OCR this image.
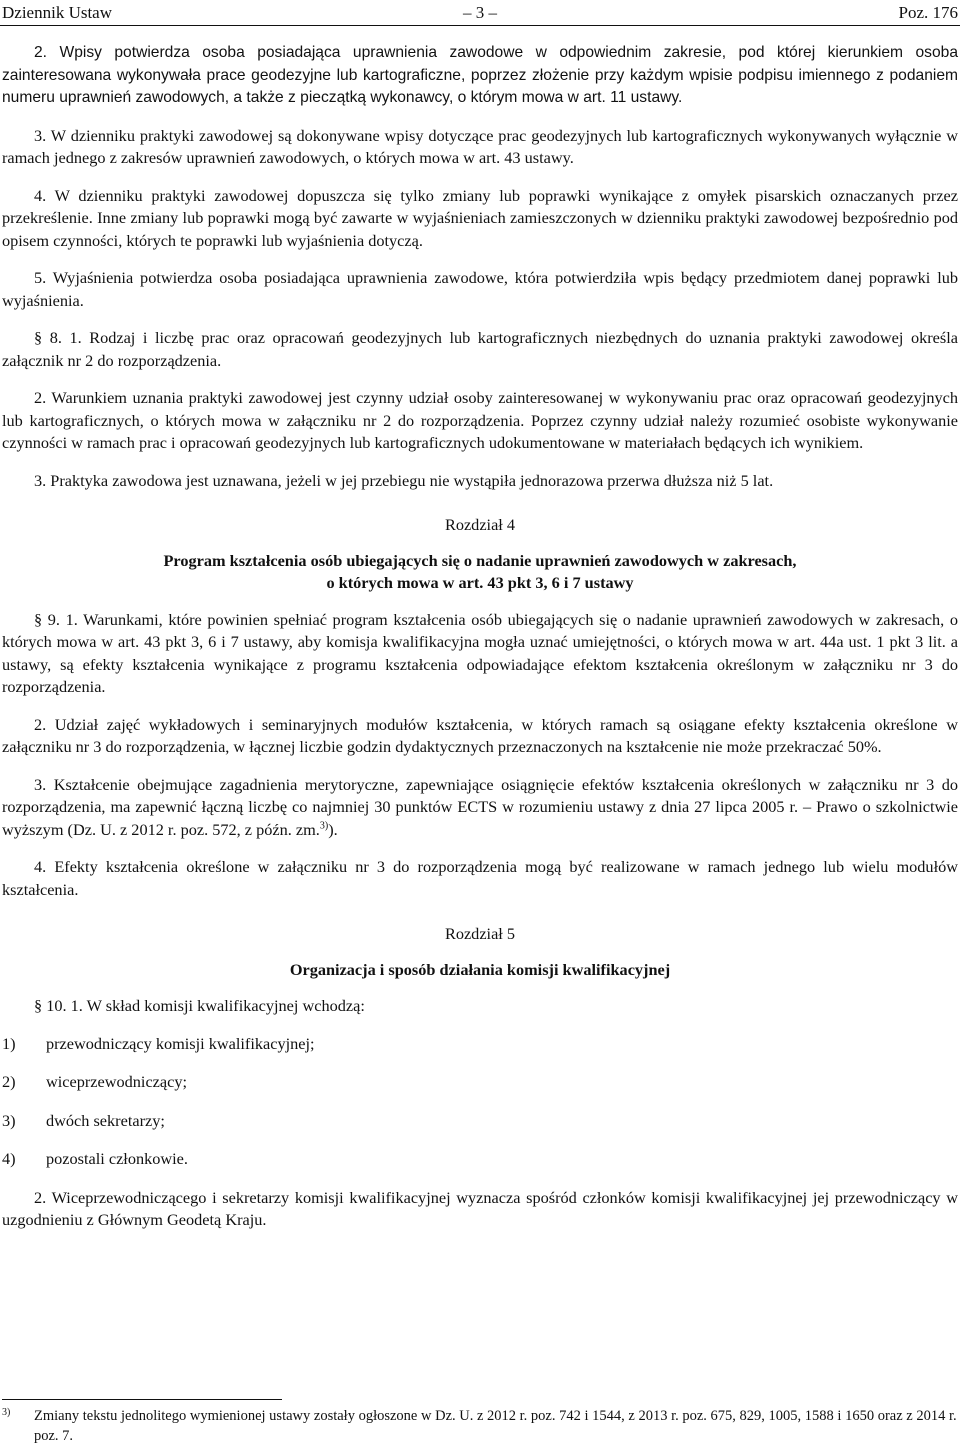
Dziennik Ustaw	– 3 –	Poz. 176

2. Wpisy potwierdza osoba posiadająca uprawnienia zawodowe w odpowiednim zakresie, pod której kierunkiem osoba zainteresowana wykonywała prace geodezyjne lub kartograficzne, poprzez złożenie przy każdym wpisie podpisu imiennego z podaniem numeru uprawnień zawodowych, a także z pieczątką wykonawcy, o którym mowa w art. 11 ustawy.

3. W dzienniku praktyki zawodowej są dokonywane wpisy dotyczące prac geodezyjnych lub kartograficznych wykonywanych wyłącznie w ramach jednego z zakresów uprawnień zawodowych, o których mowa w art. 43 ustawy.

4. W dzienniku praktyki zawodowej dopuszcza się tylko zmiany lub poprawki wynikające z omyłek pisarskich oznaczanych przez przekreślenie. Inne zmiany lub poprawki mogą być zawarte w wyjaśnieniach zamieszczonych w dzienniku praktyki zawodowej bezpośrednio pod opisem czynności, których te poprawki lub wyjaśnienia dotyczą.

5. Wyjaśnienia potwierdza osoba posiadająca uprawnienia zawodowe, która potwierdziła wpis będący przedmiotem danej poprawki lub wyjaśnienia.

§ 8. 1. Rodzaj i liczbę prac oraz opracowań geodezyjnych lub kartograficznych niezbędnych do uznania praktyki zawodowej określa załącznik nr 2 do rozporządzenia.

2. Warunkiem uznania praktyki zawodowej jest czynny udział osoby zainteresowanej w wykonywaniu prac oraz opracowań geodezyjnych lub kartograficznych, o których mowa w załączniku nr 2 do rozporządzenia. Poprzez czynny udział należy rozumieć osobiste wykonywanie czynności w ramach prac i opracowań geodezyjnych lub kartograficznych udokumentowane w materiałach będących ich wynikiem.

3. Praktyka zawodowa jest uznawana, jeżeli w jej przebiegu nie wystąpiła jednorazowa przerwa dłuższa niż 5 lat.

Rozdział 4
Program kształcenia osób ubiegających się o nadanie uprawnień zawodowych w zakresach,
o których mowa w art. 43 pkt 3, 6 i 7 ustawy

§ 9. 1. Warunkami, które powinien spełniać program kształcenia osób ubiegających się o nadanie uprawnień zawodowych w zakresach, o których mowa w art. 43 pkt 3, 6 i 7 ustawy, aby komisja kwalifikacyjna mogła uznać umiejętności, o których mowa w art. 44a ust. 1 pkt 3 lit. a ustawy, są efekty kształcenia wynikające z programu kształcenia odpowiadające efektom kształcenia określonym w załączniku nr 3 do rozporządzenia.

2. Udział zajęć wykładowych i seminaryjnych modułów kształcenia, w których ramach są osiągane efekty kształcenia określone w załączniku nr 3 do rozporządzenia, w łącznej liczbie godzin dydaktycznych przeznaczonych na kształcenie nie może przekraczać 50%.

3. Kształcenie obejmujące zagadnienia merytoryczne, zapewniające osiągnięcie efektów kształcenia określonych w załączniku nr 3 do rozporządzenia, ma zapewnić łączną liczbę co najmniej 30 punktów ECTS w rozumieniu ustawy z dnia 27 lipca 2005 r. – Prawo o szkolnictwie wyższym (Dz. U. z 2012 r. poz. 572, z późn. zm.$^{3)}$).

4. Efekty kształcenia określone w załączniku nr 3 do rozporządzenia mogą być realizowane w ramach jednego lub wielu modułów kształcenia.

Rozdział 5
Organizacja i sposób działania komisji kwalifikacyjnej

§ 10. 1. W skład komisji kwalifikacyjnej wchodzą:

1)	przewodniczący komisji kwalifikacyjnej;
2)	wiceprzewodniczący;
3)	dwóch sekretarzy;
4)	pozostali członkowie.

2. Wiceprzewodniczącego i sekretarzy komisji kwalifikacyjnej wyznacza spośród członków komisji kwalifikacyjnej jej przewodniczący w uzgodnieniu z Głównym Geodetą Kraju.

3)	Zmiany tekstu jednolitego wymienionej ustawy zostały ogłoszone w Dz. U. z 2012 r. poz. 742 i 1544, z 2013 r. poz. 675, 829, 1005, 1588 i 1650 oraz z 2014 r. poz. 7.
